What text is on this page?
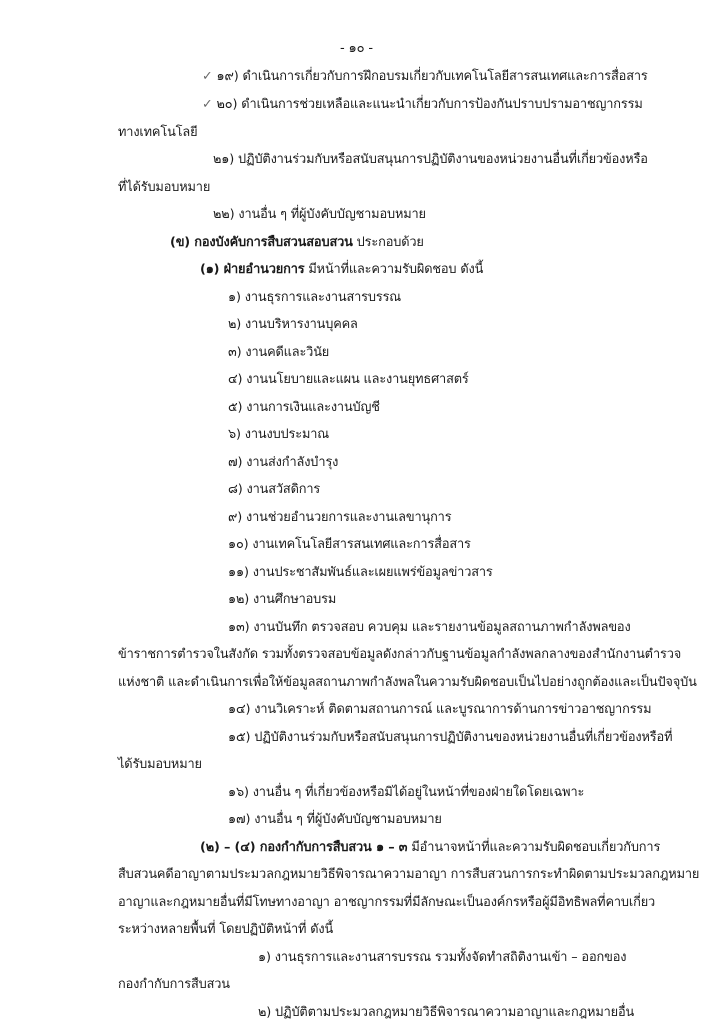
- ๑๐ -
✓ ๑๙) ดำเนินการเกี่ยวกับการฝึกอบรมเกี่ยวกับเทคโนโลยีสารสนเทศและการสื่อสาร
✓ ๒๐) ดำเนินการช่วยเหลือและแนะนำเกี่ยวกับการป้องกันปราบปรามอาชญากรรม
ทางเทคโนโลยี
๒๑) ปฏิบัติงานร่วมกับหรือสนับสนุนการปฏิบัติงานของหน่วยงานอื่นที่เกี่ยวข้องหรือ
ที่ได้รับมอบหมาย
๒๒) งานอื่น ๆ ที่ผู้บังคับบัญชามอบหมาย
(ข) กองบังคับการสืบสวนสอบสวน ประกอบด้วย
(๑) ฝ่ายอำนวยการ มีหน้าที่และความรับผิดชอบ ดังนี้
๑) งานธุรการและงานสารบรรณ
๒) งานบริหารงานบุคคล
๓) งานคดีและวินัย
๔) งานนโยบายและแผน และงานยุทธศาสตร์
๕) งานการเงินและงานบัญชี
๖) งานงบประมาณ
๗) งานส่งกำลังบำรุง
๘) งานสวัสดิการ
๙) งานช่วยอำนวยการและงานเลขานุการ
๑๐) งานเทคโนโลยีสารสนเทศและการสื่อสาร
๑๑) งานประชาสัมพันธ์และเผยแพร่ข้อมูลข่าวสาร
๑๒) งานศึกษาอบรม
๑๓) งานบันทึก ตรวจสอบ ควบคุม และรายงานข้อมูลสถานภาพกำลังพลของ
ข้าราชการตำรวจในสังกัด รวมทั้งตรวจสอบข้อมูลดังกล่าวกับฐานข้อมูลกำลังพลกลางของสำนักงานตำรวจ
แห่งชาติ และดำเนินการเพื่อให้ข้อมูลสถานภาพกำลังพลในความรับผิดชอบเป็นไปอย่างถูกต้องและเป็นปัจจุบัน
๑๔) งานวิเคราะห์ ติดตามสถานการณ์ และบูรณาการด้านการข่าวอาชญากรรม
๑๕) ปฏิบัติงานร่วมกับหรือสนับสนุนการปฏิบัติงานของหน่วยงานอื่นที่เกี่ยวข้องหรือที่
ได้รับมอบหมาย
๑๖) งานอื่น ๆ ที่เกี่ยวข้องหรือมิได้อยู่ในหน้าที่ของฝ่ายใดโดยเฉพาะ
๑๗) งานอื่น ๆ ที่ผู้บังคับบัญชามอบหมาย
(๒) – (๔) กองกำกับการสืบสวน ๑ – ๓ มีอำนาจหน้าที่และความรับผิดชอบเกี่ยวกับการ
สืบสวนคดีอาญาตามประมวลกฎหมายวิธีพิจารณาความอาญา การสืบสวนการกระทำผิดตามประมวลกฎหมาย
อาญาและกฎหมายอื่นที่มีโทษทางอาญา อาชญากรรมที่มีลักษณะเป็นองค์กรหรือผู้มีอิทธิพลที่คาบเกี่ยว
ระหว่างหลายพื้นที่ โดยปฏิบัติหน้าที่ ดังนี้
๑) งานธุรการและงานสารบรรณ รวมทั้งจัดทำสถิติงานเข้า – ออกของ
กองกำกับการสืบสวน
๒) ปฏิบัติตามประมวลกฎหมายวิธีพิจารณาความอาญาและกฎหมายอื่น
